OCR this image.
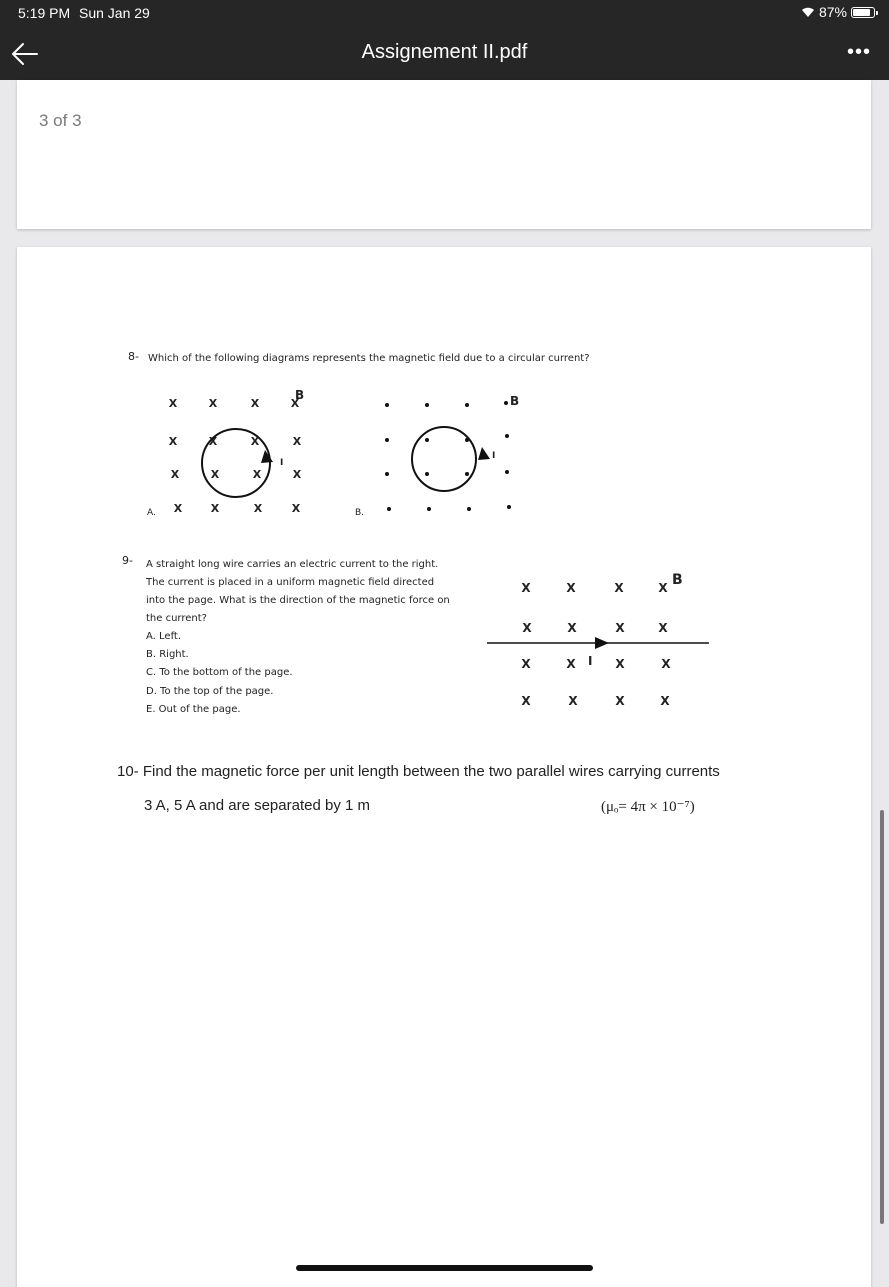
5:19 PM Sun Jan 29	87%
Assignement II.pdf	•••
3 of 3
8- Which of the following diagrams represents the magnetic field due to a circular current?
A.
X	X	X	X
X	X	X	X
X	X	X	X
X	X	X	X
I
B
B.
I
B
X	X	X	X
X	X	X	X
X	X	X	X
X	X	X	X
I
B
9- A straight long wire carries an electric current to the right.
The current is placed in a uniform magnetic field directed
into the page. What is the direction of the magnetic force on
the current?
A. Left.
B. Right.
C. To the bottom of the page.
D. To the top of the page.
E. Out of the page.
10- Find the magnetic force per unit length between the two parallel wires carrying currents
3 A, 5 A and are separated by 1 m	(μₒ= 4π × 10⁻⁷)
